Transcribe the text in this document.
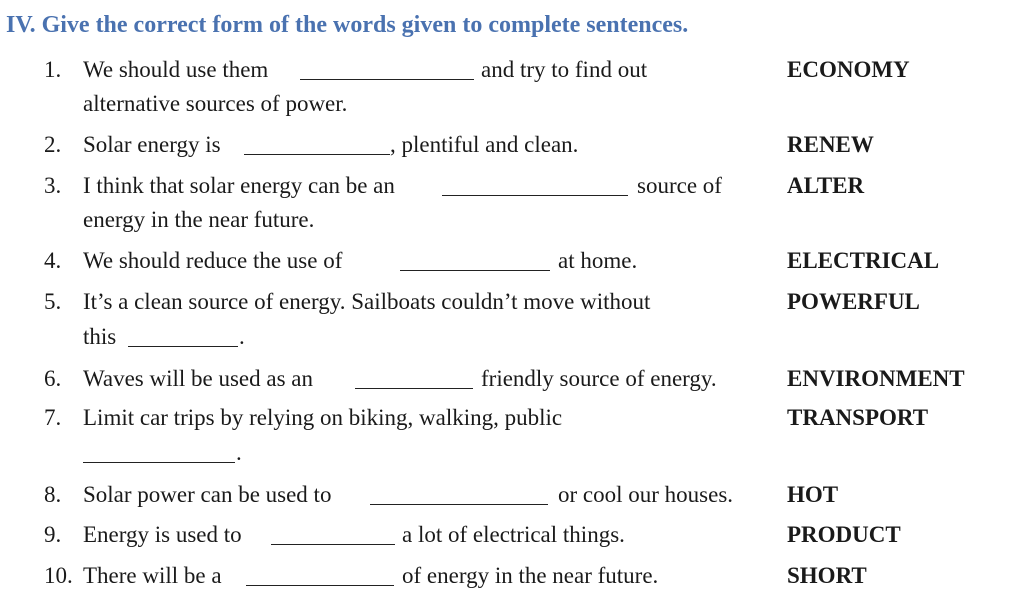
IV. Give the correct form of the words given to complete sentences.
1. We should use them	and try to find out
alternative sources of power.
ECONOMY
2. Solar energy is	, plentiful and clean.	RENEW
3. I think that solar energy can be an	source of
energy in the near future.
ALTER
4. We should reduce the use of	at home.	ELECTRICAL
5. It’s a clean source of energy. Sailboats couldn’t move without
this	.
POWERFUL
6. Waves will be used as an	friendly source of energy.	ENVIRONMENT
7. Limit car trips by relying on biking, walking, public
.
TRANSPORT
8. Solar power can be used to	or cool our houses. HOT
9. Energy is used to	a lot of electrical things.	PRODUCT
10. There will be a	of energy in the near future.	SHORT
